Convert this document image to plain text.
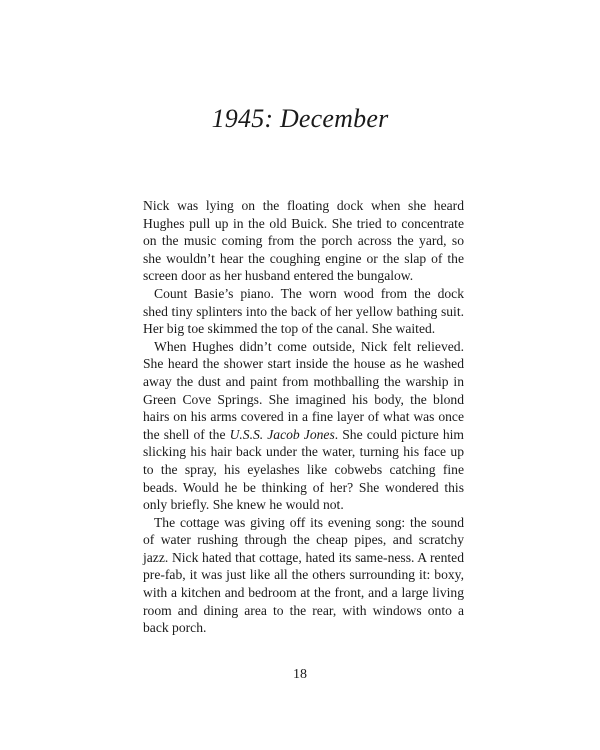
1945: December

Nick was lying on the floating dock when she heard Hughes pull up in the old Buick. She tried to concentrate on the music coming from the porch across the yard, so she wouldn’t hear the coughing engine or the slap of the screen door as her husband entered the bungalow.

Count Basie’s piano. The worn wood from the dock shed tiny splinters into the back of her yellow bathing suit. Her big toe skimmed the top of the canal. She waited.

When Hughes didn’t come outside, Nick felt relieved. She heard the shower start inside the house as he washed away the dust and paint from mothballing the warship in Green Cove Springs. She imagined his body, the blond hairs on his arms covered in a fine layer of what was once the shell of the U.S.S. Jacob Jones. She could picture him slicking his hair back under the water, turning his face up to the spray, his eyelashes like cobwebs catching fine beads. Would he be thinking of her? She wondered this only briefly. She knew he would not.

The cottage was giving off its evening song: the sound of water rushing through the cheap pipes, and scratchy jazz. Nick hated that cottage, hated its same-ness. A rented pre-fab, it was just like all the others surrounding it: boxy, with a kitchen and bedroom at the front, and a large living room and dining area to the rear, with windows onto a back porch.

18
